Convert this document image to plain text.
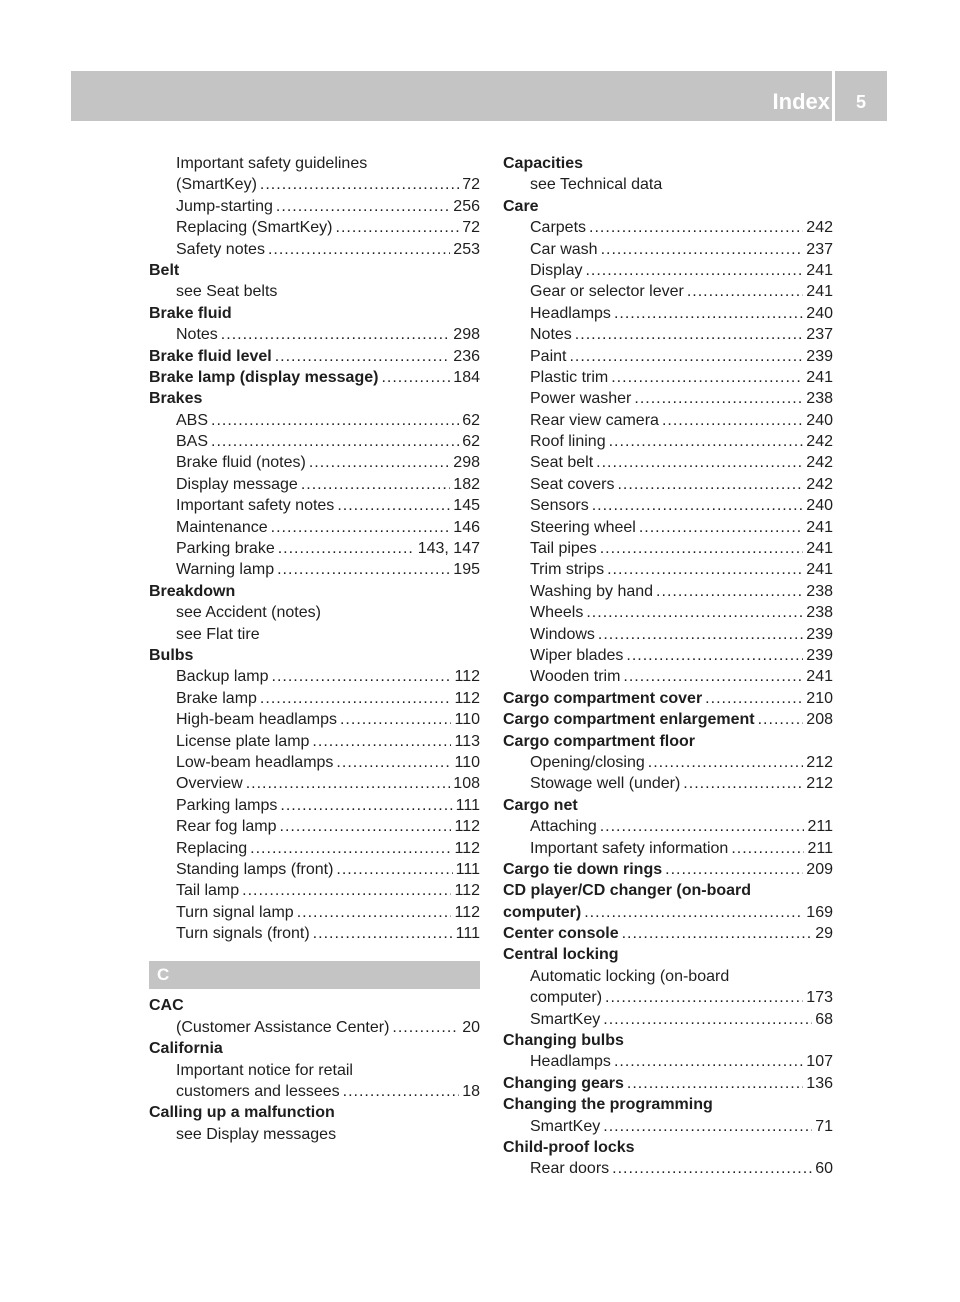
Index	5
Important safety guidelines
(SmartKey) .....	72
Jump-starting .....	256
Replacing (SmartKey) .....	72
Safety notes .....	253
Belt
see Seat belts
Brake fluid
Notes .....	298
Brake fluid level .....	236
Brake lamp (display message) .....	184
Brakes
ABS .....	62
BAS .....	62
Brake fluid (notes) .....	298
Display message .....	182
Important safety notes .....	145
Maintenance .....	146
Parking brake .....	143, 147
Warning lamp .....	195
Breakdown
see Accident (notes)
see Flat tire
Bulbs
Backup lamp .....	112
Brake lamp .....	112
High-beam headlamps .....	110
License plate lamp .....	113
Low-beam headlamps .....	110
Overview .....	108
Parking lamps .....	111
Rear fog lamp .....	112
Replacing .....	112
Standing lamps (front) .....	111
Tail lamp .....	112
Turn signal lamp .....	112
Turn signals (front) .....	111
C
CAC
(Customer Assistance Center) .....	20
California
Important notice for retail
customers and lessees .....	18
Calling up a malfunction
see Display messages
Capacities
see Technical data
Care
Carpets .....	242
Car wash .....	237
Display .....	241
Gear or selector lever .....	241
Headlamps .....	240
Notes .....	237
Paint .....	239
Plastic trim .....	241
Power washer .....	238
Rear view camera .....	240
Roof lining .....	242
Seat belt .....	242
Seat covers .....	242
Sensors .....	240
Steering wheel .....	241
Tail pipes .....	241
Trim strips .....	241
Washing by hand .....	238
Wheels .....	238
Windows .....	239
Wiper blades .....	239
Wooden trim .....	241
Cargo compartment cover .....	210
Cargo compartment enlargement .....	208
Cargo compartment floor
Opening/closing .....	212
Stowage well (under) .....	212
Cargo net
Attaching .....	211
Important safety information .....	211
Cargo tie down rings .....	209
CD player/CD changer (on-board
computer) .....	169
Center console .....	29
Central locking
Automatic locking (on-board
computer) .....	173
SmartKey .....	68
Changing bulbs
Headlamps .....	107
Changing gears .....	136
Changing the programming
SmartKey .....	71
Child-proof locks
Rear doors .....	60
